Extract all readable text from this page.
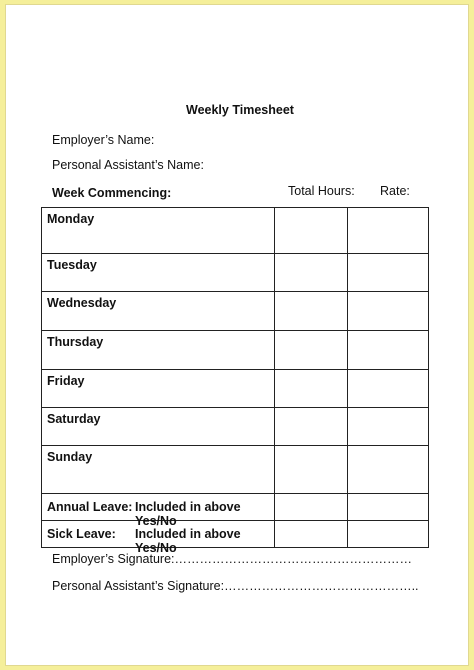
Weekly Timesheet
Employer’s Name:
Personal Assistant’s Name:
Week Commencing:	Total Hours: Rate:
Monday		
Tuesday		
Wednesday		
Thursday		
Friday		
Saturday		
Sunday		

Annual Leave: Included in above Yes/No		

Sick Leave: Included in above Yes/No		

Employer’s Signature:…………………………………………………
Personal Assistant’s Signature:………………………………………..
